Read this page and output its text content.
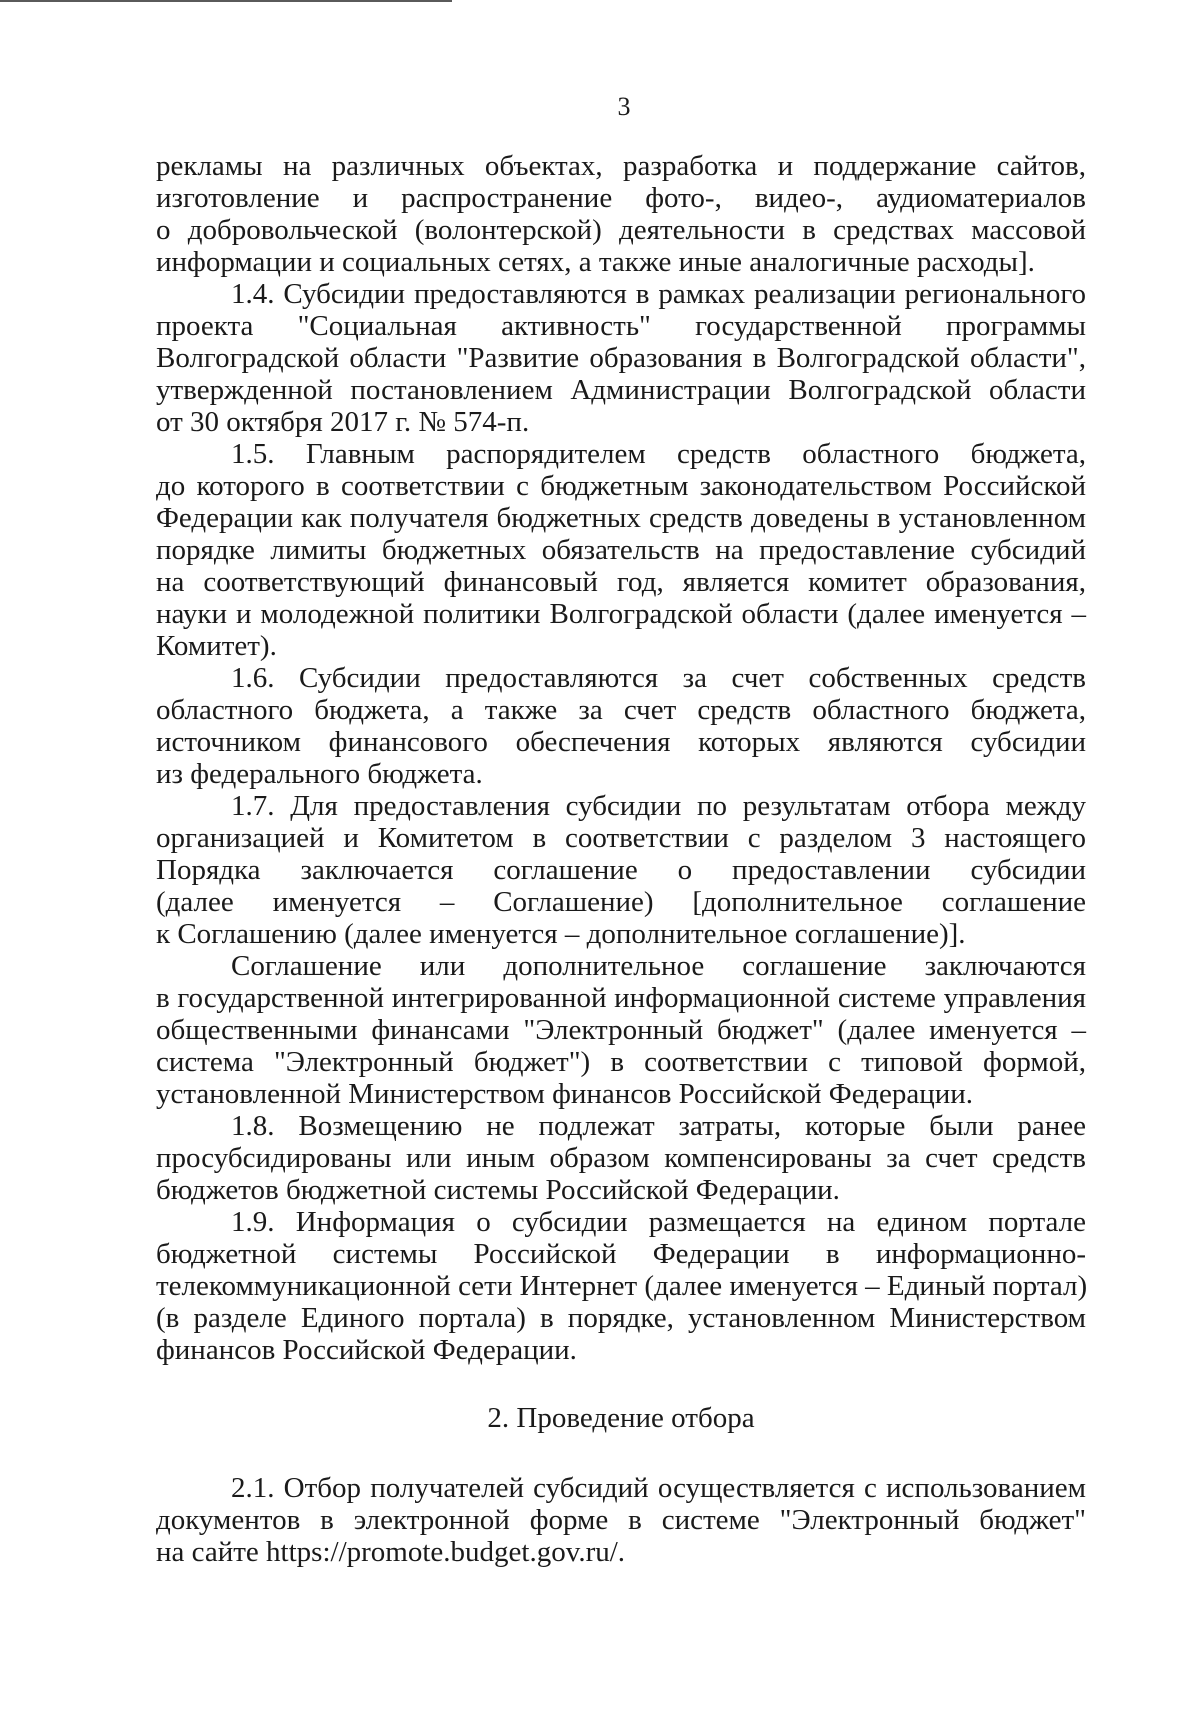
3

рекламы на различных объектах, разработка и поддержание сайтов,
изготовление и распространение фото-, видео-, аудиоматериалов
о добровольческой (волонтерской) деятельности в средствах массовой
информации и социальных сетях, а также иные аналогичные расходы].

1.4. Субсидии предоставляются в рамках реализации регионального
проекта "Социальная активность" государственной программы
Волгоградской области "Развитие образования в Волгоградской области",
утвержденной постановлением Администрации Волгоградской области
от 30 октября 2017 г. № 574-п.

1.5. Главным распорядителем средств областного бюджета,
до которого в соответствии с бюджетным законодательством Российской
Федерации как получателя бюджетных средств доведены в установленном
порядке лимиты бюджетных обязательств на предоставление субсидий
на соответствующий финансовый год, является комитет образования,
науки и молодежной политики Волгоградской области (далее именуется –
Комитет).

1.6. Субсидии предоставляются за счет собственных средств
областного бюджета, а также за счет средств областного бюджета,
источником финансового обеспечения которых являются субсидии
из федерального бюджета.

1.7. Для предоставления субсидии по результатам отбора между
организацией и Комитетом в соответствии с разделом 3 настоящего
Порядка заключается соглашение о предоставлении субсидии
(далее именуется – Соглашение) [дополнительное соглашение
к Соглашению (далее именуется – дополнительное соглашение)].

Соглашение или дополнительное соглашение заключаются
в государственной интегрированной информационной системе управления
общественными финансами "Электронный бюджет" (далее именуется –
система "Электронный бюджет") в соответствии с типовой формой,
установленной Министерством финансов Российской Федерации.

1.8. Возмещению не подлежат затраты, которые были ранее
просубсидированы или иным образом компенсированы за счет средств
бюджетов бюджетной системы Российской Федерации.

1.9. Информация о субсидии размещается на едином портале
бюджетной системы Российской Федерации в информационно-
телекоммуникационной сети Интернет (далее именуется – Единый портал)
(в разделе Единого портала) в порядке, установленном Министерством
финансов Российской Федерации.

2. Проведение отбора

2.1. Отбор получателей субсидий осуществляется с использованием
документов в электронной форме в системе "Электронный бюджет"
на сайте https://promote.budget.gov.ru/.
